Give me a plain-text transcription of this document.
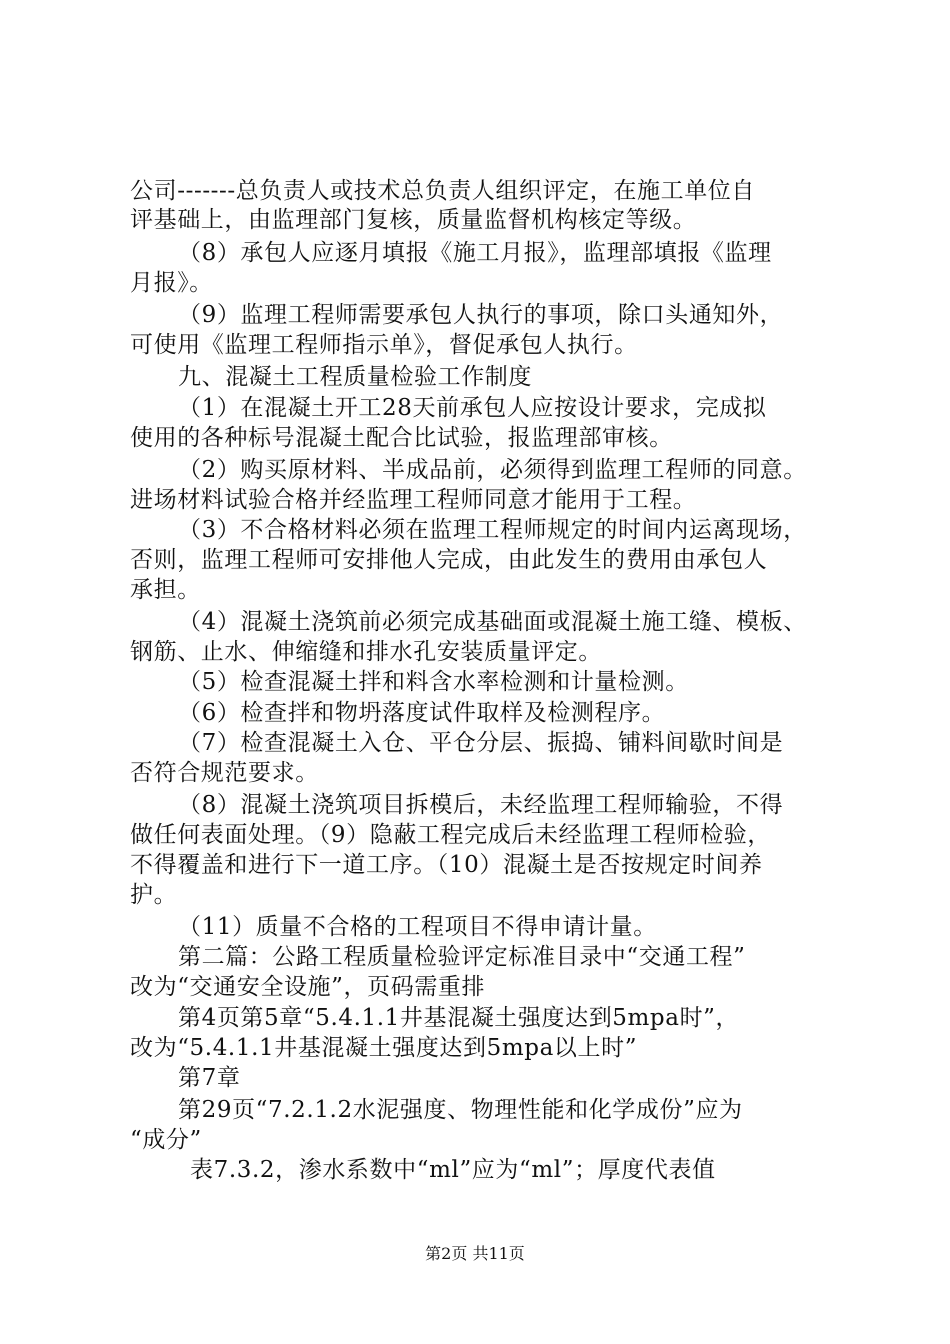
公司-------总负责人或技术总负责人组织评定，在施工单位自
评基础上，由监理部门复核，质量监督机构核定等级。
（8）承包人应逐月填报《施工月报》，监理部填报《监理
月报》。
（9）监理工程师需要承包人执行的事项，除口头通知外，
可使用《监理工程师指示单》，督促承包人执行。
九、混凝土工程质量检验工作制度
（1）在混凝土开工28天前承包人应按设计要求，完成拟
使用的各种标号混凝土配合比试验，报监理部审核。
（2）购买原材料、半成品前，必须得到监理工程师的同意。
进场材料试验合格并经监理工程师同意才能用于工程。
（3）不合格材料必须在监理工程师规定的时间内运离现场，
否则，监理工程师可安排他人完成，由此发生的费用由承包人
承担。
（4）混凝土浇筑前必须完成基础面或混凝土施工缝、模板、
钢筋、止水、伸缩缝和排水孔安装质量评定。
（5）检查混凝土拌和料含水率检测和计量检测。
（6）检查拌和物坍落度试件取样及检测程序。
（7）检查混凝土入仓、平仓分层、振捣、铺料间歇时间是
否符合规范要求。
（8）混凝土浇筑项目拆模后，未经监理工程师输验，不得
做任何表面处理。（9）隐蔽工程完成后未经监理工程师检验，
不得覆盖和进行下一道工序。（10）混凝土是否按规定时间养
护。
（11）质量不合格的工程项目不得申请计量。
第二篇：公路工程质量检验评定标准目录中“交通工程”
改为“交通安全设施”，页码需重排
第4页第5章“5.4.1.1井基混凝土强度达到5mpa时”，
改为“5.4.1.1井基混凝土强度达到5mpa以上时”
第7章
第29页“7.2.1.2水泥强度、物理性能和化学成份”应为
“成分”
表7.3.2，渗水系数中“ml”应为“ml”；厚度代表值
第2页 共11页
